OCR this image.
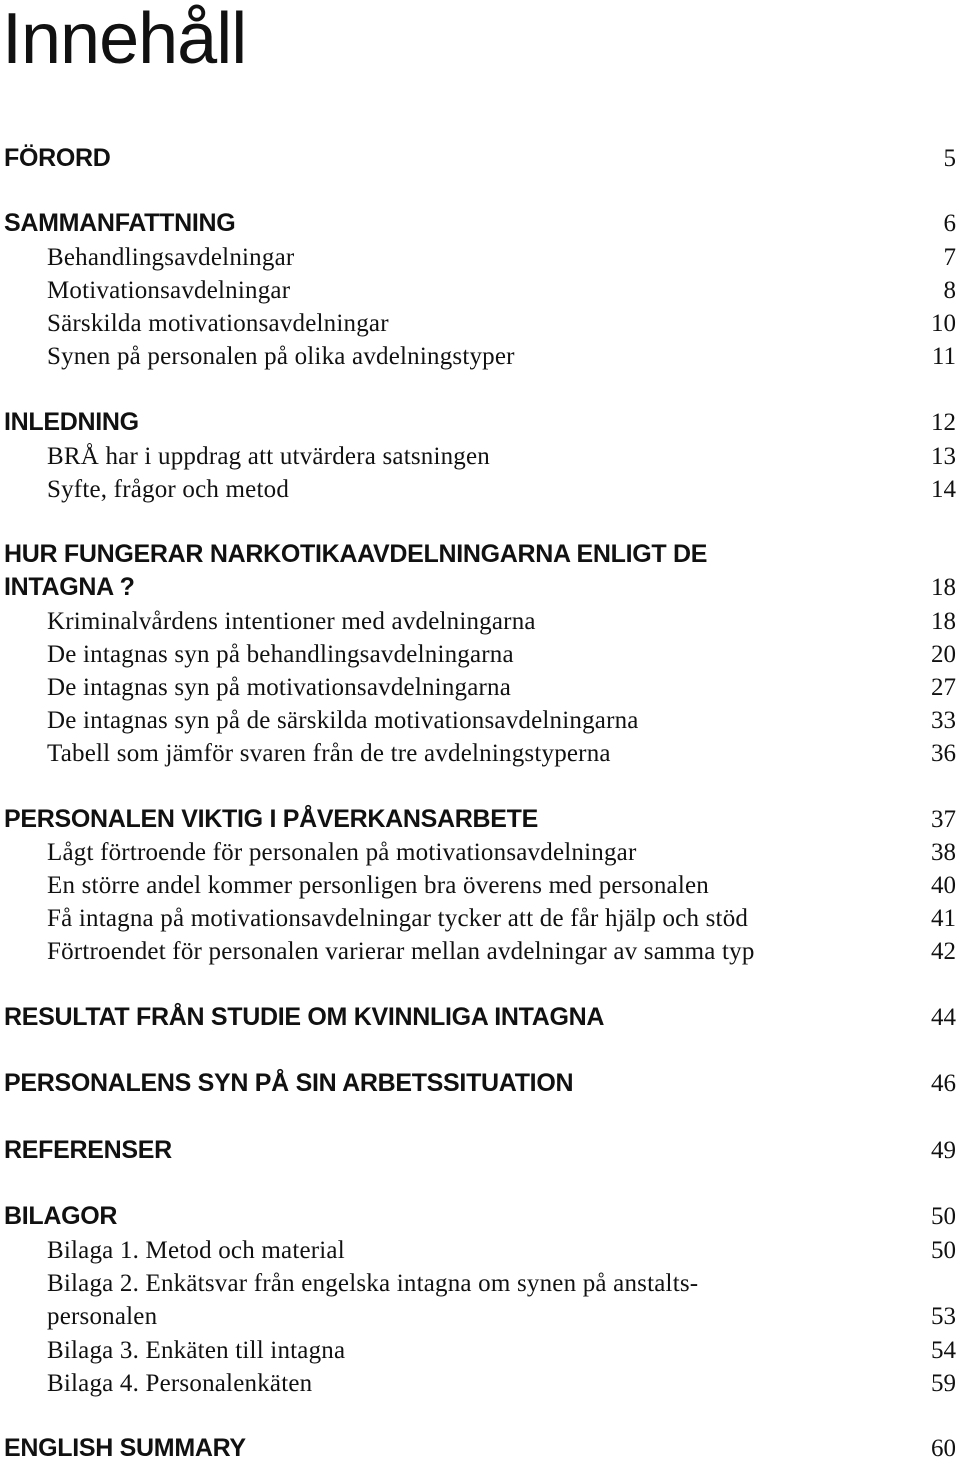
Innehåll
FÖRORD	5
SAMMANFATTNING	6
Behandlingsavdelningar	7
Motivationsavdelningar	8
Särskilda motivationsavdelningar	10
Synen på personalen på olika avdelningstyper	11
INLEDNING	12
BRÅ har i uppdrag att utvärdera satsningen	13
Syfte, frågor och metod	14
HUR FUNGERAR NARKOTIKAAVDELNINGARNA ENLIGT DE
INTAGNA ?	18
Kriminalvårdens intentioner med avdelningarna	18
De intagnas syn på behandlingsavdelningarna	20
De intagnas syn på motivationsavdelningarna	27
De intagnas syn på de särskilda motivationsavdelningarna	33
Tabell som jämför svaren från de tre avdelningstyperna	36
PERSONALEN VIKTIG I PÅVERKANSARBETE	37
Lågt förtroende för personalen på motivationsavdelningar	38
En större andel kommer personligen bra överens med personalen	40
Få intagna på motivationsavdelningar tycker att de får hjälp och stöd	41
Förtroendet för personalen varierar mellan avdelningar av samma typ	42
RESULTAT FRÅN STUDIE OM KVINNLIGA INTAGNA	44
PERSONALENS SYN PÅ SIN ARBETSSITUATION	46
REFERENSER	49
BILAGOR	50
Bilaga 1. Metod och material	50
Bilaga 2. Enkätsvar från engelska intagna om synen på anstalts-
personalen	53
Bilaga 3. Enkäten till intagna	54
Bilaga 4. Personalenkäten	59
ENGLISH SUMMARY	60
